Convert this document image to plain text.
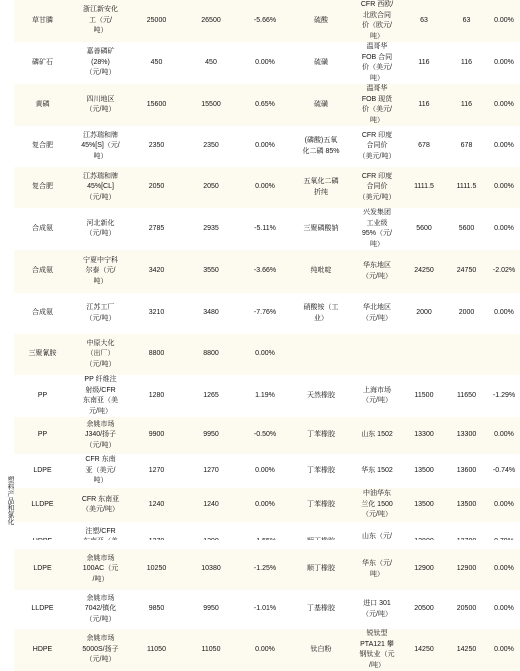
塑料产品和氯化
草甘膦	浙江新安化
工（元/
吨）	25000	26500	-5.66%	硫酸	CFR 西欧/
北欧合同
价（欧元/
吨）	63	63	0.00%
磷矿石	嘉善磷矿
(28%)
（元/吨）	450	450	0.00%	硫磺	温哥华
FOB 合同
价（美元/
吨）	116	116	0.00%
黄磷	四川地区
（元/吨）	15600	15500	0.65%	硫磺	温哥华
FOB 现货
价（美元/
吨）	116	116	0.00%
复合肥	江苏瑞和牌
45%[S]（元/
吨）	2350	2350	0.00%	(磷酸)五氧
化二磷 85%	CFR 印度
合同价
（美元/吨）	678	678	0.00%
复合肥	江苏瑞和牌
45%[CL]
（元/吨）	2050	2050	0.00%	五氧化二磷
折纯	CFR 印度
合同价
（美元/吨）	1111.5	1111.5	0.00%
合成氨	河北新化
（元/吨）	2785	2935	-5.11%	三聚磷酸钠	兴发集团
工业级
95%（元/
吨）	5600	5600	0.00%
合成氨	宁夏中宁科
尔泰（元/
吨）	3420	3550	-3.66%	纯吡啶	华东地区
（元/吨）	24250	24750	-2.02%
合成氨	江苏工厂
（元/吨）	3210	3480	-7.76%	硝酸铵（工
业）	华北地区
（元/吨）	2000	2000	0.00%
三聚氰胺	中原大化
（出厂）
（元/吨）	8800	8800	0.00%					
PP	PP 纤维注
射级/CFR
东南亚（美
元/吨）	1280	1265	1.19%	天然橡胶	上海市场
（元/吨）	11500	11650	-1.29%
PP	余姚市场
J340/扬子
（元/吨）	9900	9950	-0.50%	丁苯橡胶	山东 1502	13300	13300	0.00%
LDPE	CFR 东南
亚（美元/
吨）	1270	1270	0.00%	丁苯橡胶	华东 1502	13500	13600	-0.74%
LLDPE	CFR 东南亚
（美元/吨）	1240	1240	0.00%	丁苯橡胶	中油华东
兰化 1500
（元/吨）	13500	13500	0.00%
	注塑/CFR					山东（元/

LDPE	余姚市场
100AC（元
/吨）	10250	10380	-1.25%	顺丁橡胶	华东（元/
吨）	12900	12900	0.00%
LLDPE	余姚市场
7042/镇化
（元/吨）	9850	9950	-1.01%	丁基橡胶	进口 301
（元/吨）	20500	20500	0.00%
HDPE	余姚市场
5000S/扬子
（元/吨）	11050	11050	0.00%	钛白粉	锐钛型
PTA121 攀
钢钛业（元
/吨）	14250	14250	0.00%
